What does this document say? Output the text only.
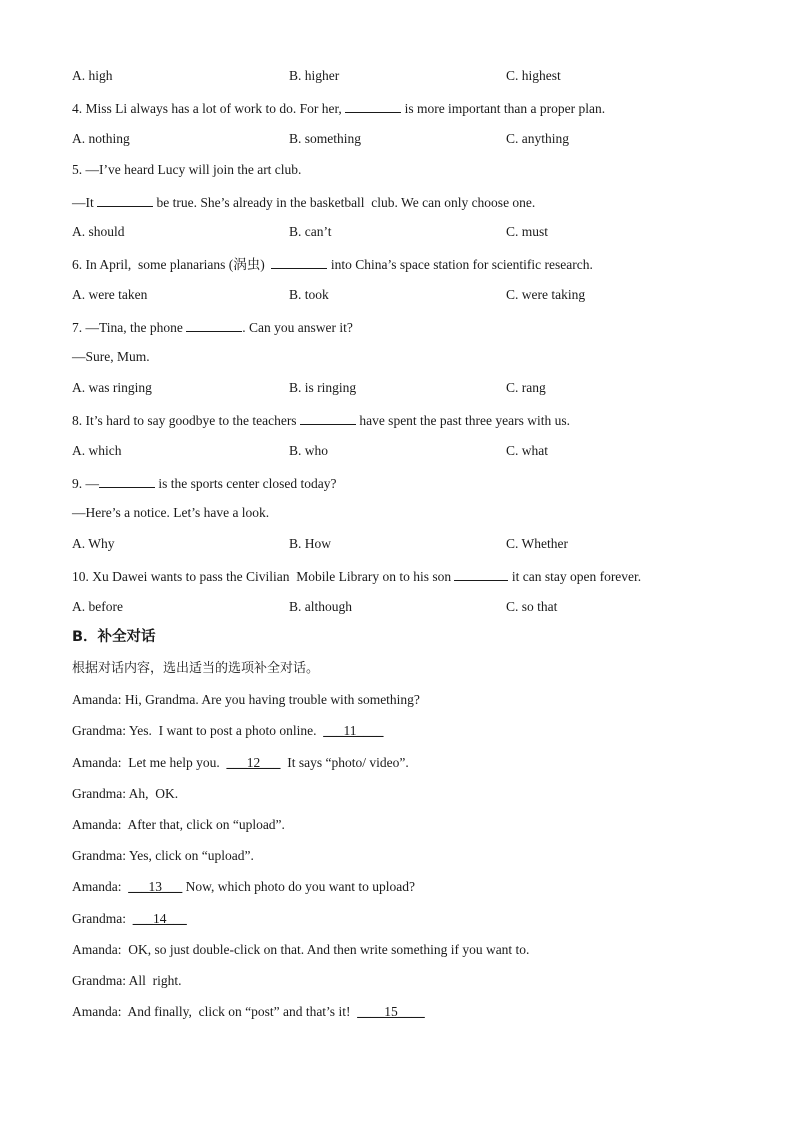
A. high	B. higher	C. highest
4. Miss Li always has a lot of work to do. For her,	is more important than a proper plan.
A. nothing	B. something	C. anything
5. —I’ve heard Lucy will join the art club.
—It	be true. She’s already in the basketball  club. We can only choose one.
A. should	B. can’t	C. must
6. In April,  some planarians (涡虫)	into China’s space station for scientific research.
A. were taken	B. took	C. were taking
7. —Tina, the phone	. Can you answer it?
—Sure, Mum.
A. was ringing	B. is ringing	C. rang
8. It’s hard to say goodbye to the teachers	have spent the past three years with us.
A. which	B. who	C. what
9. —	is the sports center closed today?
—Here’s a notice. Let’s have a look.
A. Why	B. How	C. Whether
10. Xu Dawei wants to pass the Civilian  Mobile Library on to his son	it can stay open forever.
A. before	B. although	C. so that
B．补全对话
根据对话内容，选出适当的选项补全对话。
Amanda: Hi, Grandma. Are you having trouble with something?
Grandma: Yes.  I want to post a photo online.  ___11____
Amanda:  Let me help you.  ___12___  It says “photo/ video”.
Grandma: Ah,  OK.
Amanda:  After that, click on “upload”.
Grandma: Yes, click on “upload”.
Amanda:  ___13___ Now, which photo do you want to upload?
Grandma:  ___14___
Amanda:  OK, so just double-click on that. And then write something if you want to.
Grandma: All  right.
Amanda:  And finally,  click on “post” and that’s it!  ____15____
